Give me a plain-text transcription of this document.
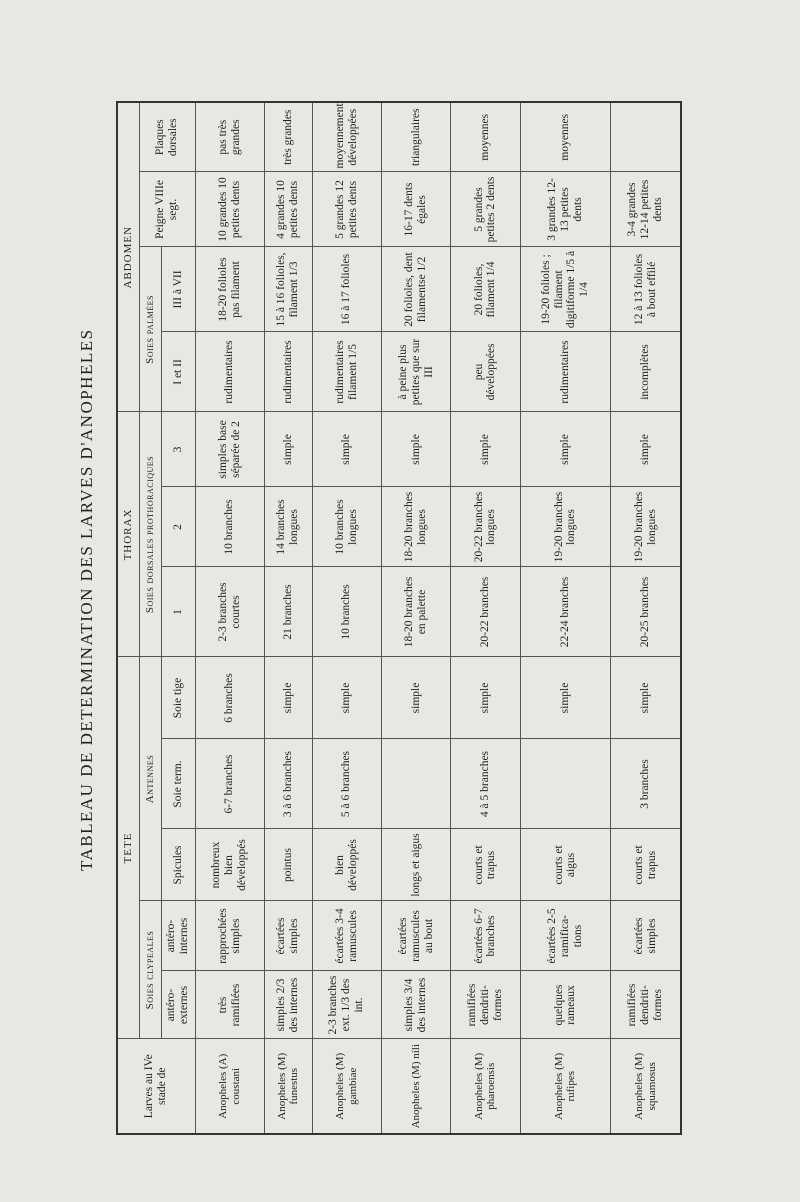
TABLEAU DE DETERMINATION DES LARVES D'ANOPHELES
Larves au IVe stade de	TETE					THORAX			ABDOMEN			
	Soies clypeales		Antennes			Soies dorsales prothoraciques			Soies palmées		Peigne VIIIe segt.	Plaques dorsales
	antéro-externes	antéro-internes	Spicules	Soie term.	Soie tige	1	2	3	I et II	III à VII		
Anopheles (A) coustani	très ramifiées	rapprochées simples	nombreux bien développés	6-7 branches	6 branches	2-3 branches courtes	10 branches	simples base séparée de 2	rudimentaires	18-20 folioles pas filament	10 grandes 10 petites dents	pas très grandes
Anopheles (M) funestus	simples 2/3 des internes	écartées simples	pointus	3 à 6 branches	simple	21 branches	14 branches longues	simple	rudimentaires	15 à 16 folioles, filament 1/3	4 grandes 10 petites dents	très grandes
Anopheles (M) gambiae	2-3 branches ext. 1/3 des int.	écartées 3-4 ramuscules	bien développés	5 à 6 branches	simple	10 branches	10 branches longues	simple	rudimentaires filament 1/5	16 à 17 folioles	5 grandes 12 petites dents	moyennement développées
Anopheles (M) nili	simples 3/4 des internes	écartées ramuscules au bout	longs et aigus		simple	18-20 branches en palette	18-20 branches longues	simple	à peine plus petites que sur III	20 folioles, dent filamentse 1/2	16-17 dents égales	triangulaires
Anopheles (M) pharoensis	ramifiées dendriti-formes	écartées 6-7 branches	courts et trapus	4 à 5 branches	simple	20-22 branches	20-22 branches longues	simple	peu développées	20 folioles, filament 1/4	5 grandes petites 2 dents	moyennes
Anopheles (M) rufipes	quelques rameaux	écartées 2-5 ramifica-tions	courts et aigus		simple	22-24 branches	19-20 branches longues	simple	rudimentaires	19-20 folioles ; filament digitiforme 1/5 à 1/4	3 grandes 12-13 petites dents	moyennes
Anopheles (M) squamosus	ramifiées dendriti-formes	écartées simples	courts et trapus	3 branches	simple	20-25 branches	19-20 branches longues	simple	incomplètes	12 à 13 folioles à bout effilé	3-4 grandes 12-14 petites dents	
